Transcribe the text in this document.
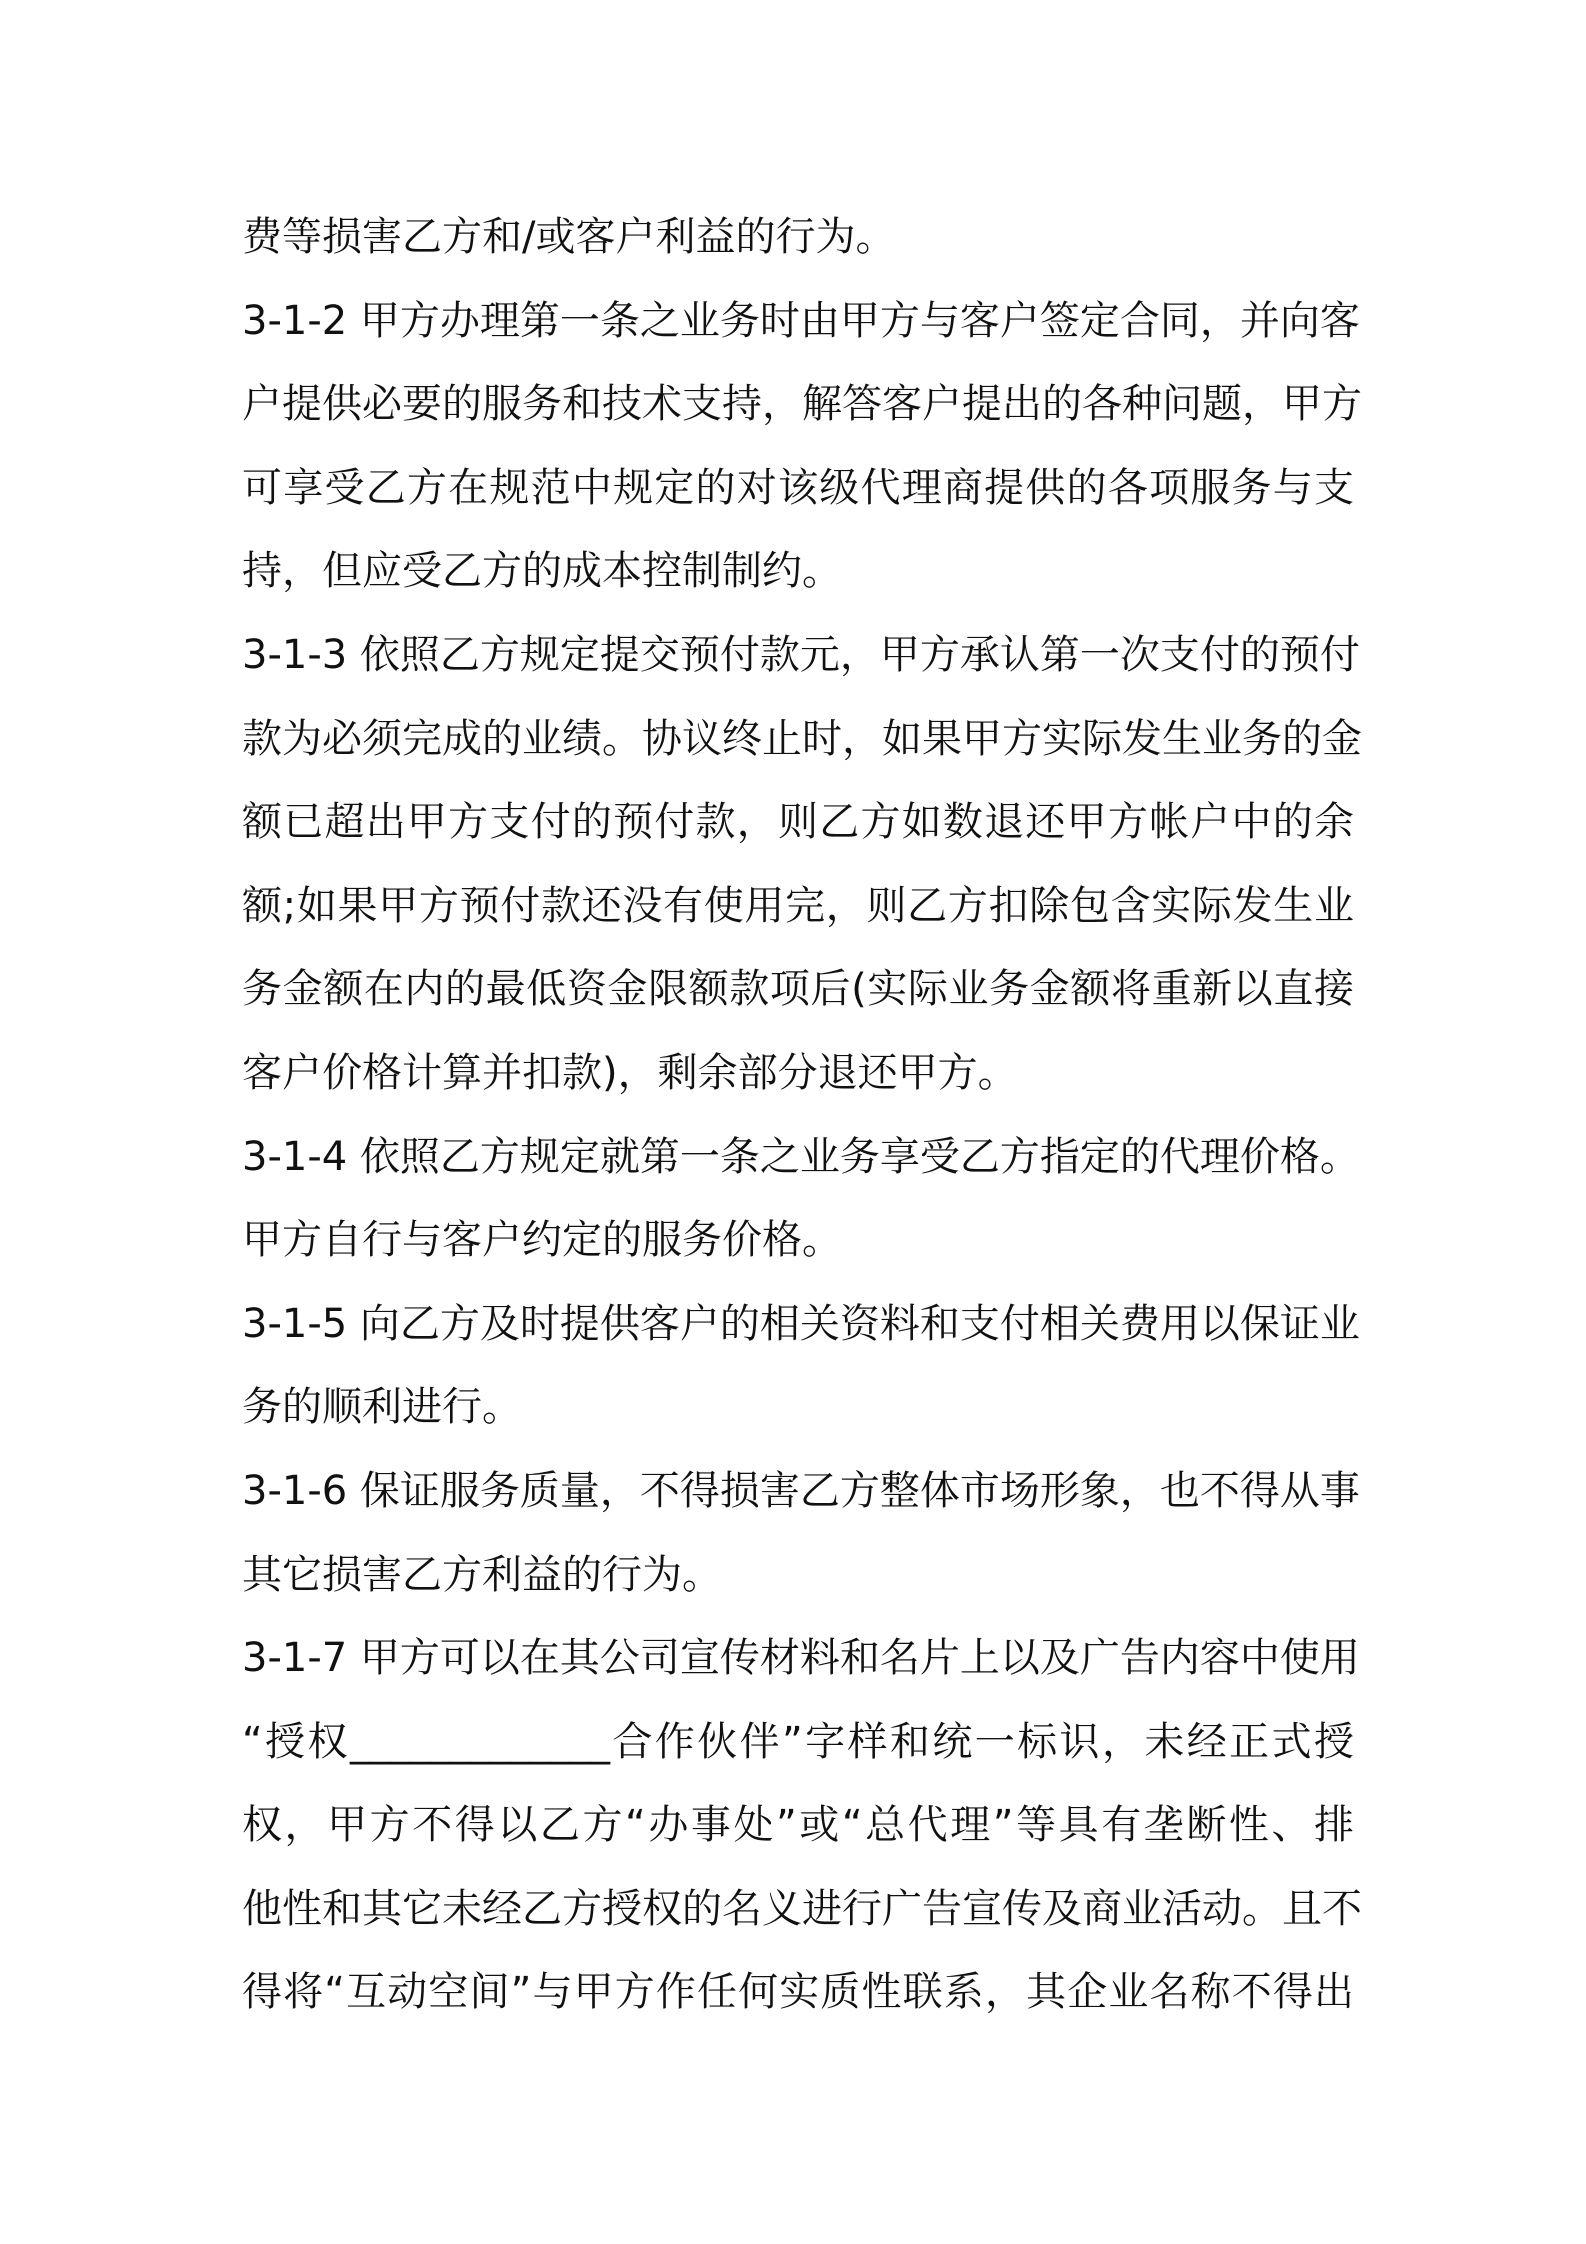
费等损害乙方和/或客户利益的行为。
3-1-2 甲方办理第一条之业务时由甲方与客户签定合同，并向客
户提供必要的服务和技术支持，解答客户提出的各种问题，甲方
可享受乙方在规范中规定的对该级代理商提供的各项服务与支
持，但应受乙方的成本控制制约。
3-1-3 依照乙方规定提交预付款元，甲方承认第一次支付的预付
款为必须完成的业绩。协议终止时，如果甲方实际发生业务的金
额已超出甲方支付的预付款，则乙方如数退还甲方帐户中的余
额;如果甲方预付款还没有使用完，则乙方扣除包含实际发生业
务金额在内的最低资金限额款项后(实际业务金额将重新以直接
客户价格计算并扣款)，剩余部分退还甲方。
3-1-4 依照乙方规定就第一条之业务享受乙方指定的代理价格。
甲方自行与客户约定的服务价格。
3-1-5 向乙方及时提供客户的相关资料和支付相关费用以保证业
务的顺利进行。
3-1-6 保证服务质量，不得损害乙方整体市场形象，也不得从事
其它损害乙方利益的行为。
3-1-7 甲方可以在其公司宣传材料和名片上以及广告内容中使用
“授权_____________合作伙伴”字样和统一标识，未经正式授
权，甲方不得以乙方“办事处”或“总代理”等具有垄断性、排
他性和其它未经乙方授权的名义进行广告宣传及商业活动。且不
得将“互动空间”与甲方作任何实质性联系，其企业名称不得出
